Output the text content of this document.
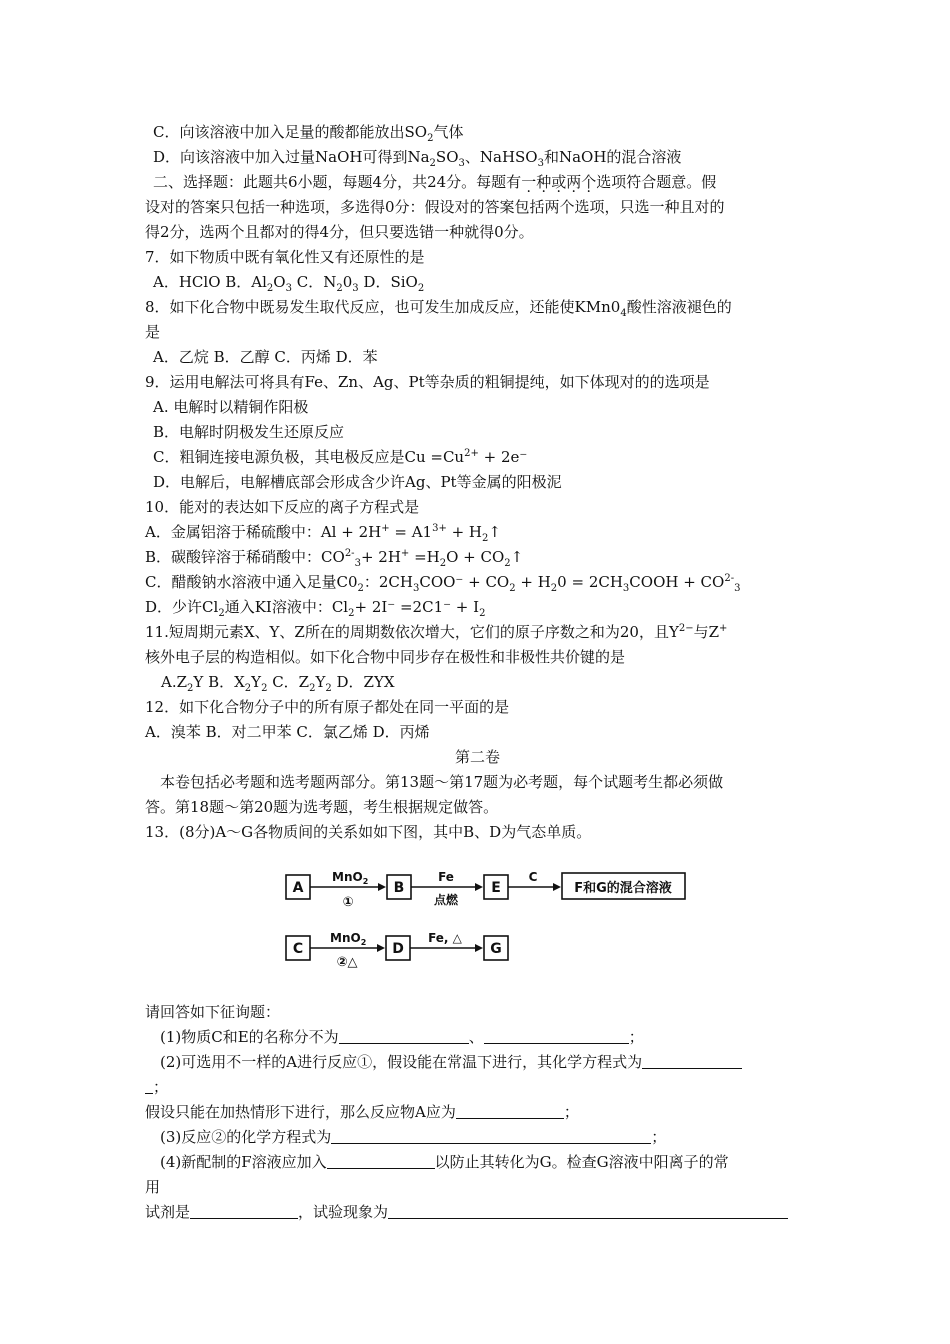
C．向该溶液中加入足量的酸都能放出$SO_2$气体
D．向该溶液中加入过量NaOH可得到$Na_2SO_3$、NaHSO$_3$和NaOH的混合溶液
二、选择题：此题共6小题，每题4分，共24分。每题有一种或两个选项符合题意。假
设对的答案只包括一种选项，多选得0分：假设对的答案包括两个选项，只选一种且对的
得2分，选两个且都对的得4分，但只要选错一种就得0分。
7．如下物质中既有氧化性又有还原性的是
A．HClO B．$Al_2O_3$ C．$N_20_3$ D．SiO$_2$
8．如下化合物中既易发生取代反应，也可发生加成反应，还能使$KMn0_4$酸性溶液褪色的
是
A．乙烷 B．乙醇 C．丙烯 D．苯
9．运用电解法可将具有Fe、Zn、Ag、Pt等杂质的粗铜提纯，如下体现对的的选项是
A. 电解时以精铜作阳极
B．电解时阴极发生还原反应
C．粗铜连接电源负极，其电极反应是$Cu =Cu^{2+} + 2e^-$
D．电解后，电解槽底部会形成含少许Ag、Pt等金属的阳极泥
10．能对的表达如下反应的离子方程式是
A．金属铝溶于稀硫酸中：$Al + 2H^+ = A1^{3+}$ + $H_2↑$
B．碳酸锌溶于稀硝酸中：$CO^{2-}_3+ 2H^+ =H_2O$ + $CO_2↑$
C．醋酸钠水溶液中通入足量$C0_2$：$2CH_3COO^- + CO_2 + H_20$ = $2CH_3COOH + CO^{2-}_3$
D．少许$Cl_2$通入KI溶液中：$Cl_2+ 2I^- =2C1^- + I_2$
11.短周期元素X、Y、Z所在的周期数依次增大，它们的原子序数之和为20，且$Y^{2-}$与Z+
核外电子层的构造相似。如下化合物中同步存在极性和非极性共价键的是
$A.Z_2Y$ B．$X_2Y_2$ C．$Z_2Y_2$ D．ZYX
12．如下化合物分子中的所有原子都处在同一平面的是
A．溴苯 B．对二甲苯 C．氯乙烯 D．丙烯
第二卷
本卷包括必考题和选考题两部分。第13题～第17题为必考题，每个试题考生都必须做
答。第18题～第20题为选考题，考生根据规定做答。
13．(8分)A～G各物质间的关系如如下图，其中B、D为气态单质。
A	B	E
C	D	G
F和G的混合溶液
MnO$_2$
①
Fe
点燃
C
MnO$_2$
②△
Fe, △
请回答如下征询题：
(1)物质C和E的名称分不为	、	；
(2)可选用不一样的A进行反应①，假设能在常温下进行，其化学方程式为
；
假设只能在加热情形下进行，那么反应物A应为	；
(3)反应②的化学方程式为	；
(4)新配制的F溶液应加入	以防止其转化为G。检查G溶液中阳离子的常
用
试剂是	，试验现象为
